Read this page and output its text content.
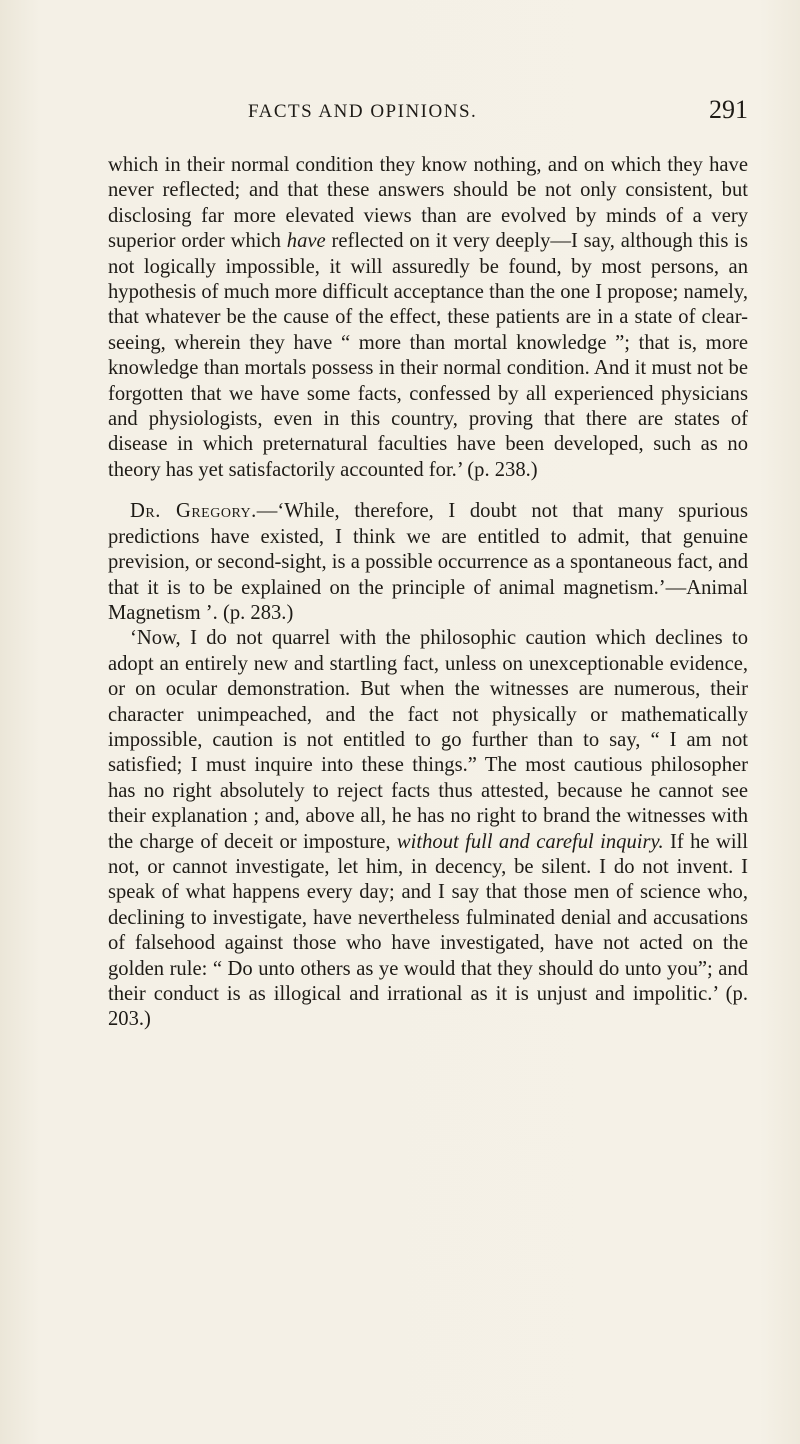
FACTS AND OPINIONS.	291

which in their normal condition they know nothing, and on which they have never reflected; and that these answers should be not only consistent, but disclosing far more elevated views than are evolved by minds of a very superior order which have reflected on it very deeply—I say, although this is not logically impossible, it will assuredly be found, by most persons, an hypothesis of much more difficult acceptance than the one I propose; namely, that whatever be the cause of the effect, these patients are in a state of clear-seeing, wherein they have “ more than mortal knowledge ”; that is, more knowledge than mortals possess in their normal condition. And it must not be forgotten that we have some facts, confessed by all experienced physicians and physiologists, even in this country, proving that there are states of disease in which preternatural faculties have been developed, such as no theory has yet satisfactorily accounted for.’ (p. 238.)

Dr. Gregory.—‘While, therefore, I doubt not that many spurious predictions have existed, I think we are entitled to admit, that genuine prevision, or second-sight, is a possible occurrence as a spontaneous fact, and that it is to be explained on the principle of animal magnetism.’—Animal Magnetism ’. (p. 283.)

‘Now, I do not quarrel with the philosophic caution which declines to adopt an entirely new and startling fact, unless on unexceptionable evidence, or on ocular demonstration. But when the witnesses are numerous, their character unimpeached, and the fact not physically or mathematically impossible, caution is not entitled to go further than to say, “ I am not satisfied; I must inquire into these things.” The most cautious philosopher has no right absolutely to reject facts thus attested, because he cannot see their explanation ; and, above all, he has no right to brand the witnesses with the charge of deceit or imposture, without full and careful inquiry. If he will not, or cannot investigate, let him, in decency, be silent. I do not invent. I speak of what happens every day; and I say that those men of science who, declining to investigate, have nevertheless fulminated denial and accusations of falsehood against those who have investigated, have not acted on the golden rule: “ Do unto others as ye would that they should do unto you”; and their conduct is as illogical and irrational as it is unjust and impolitic.’ (p. 203.)
